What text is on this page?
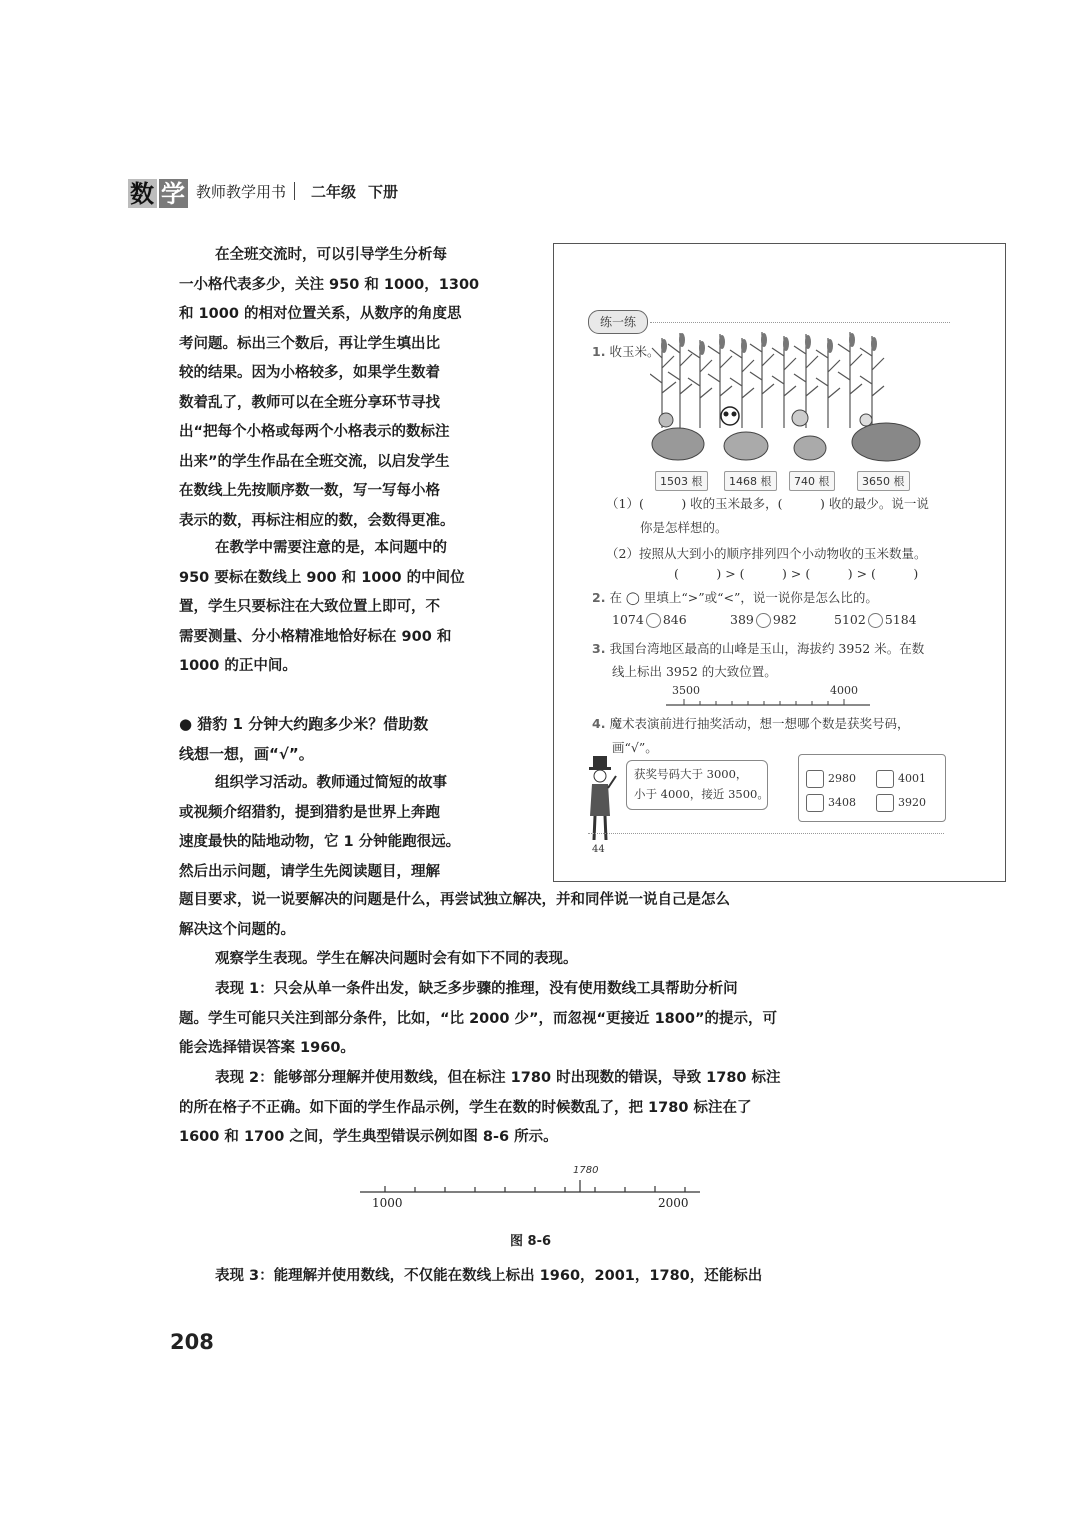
数 学 教师教学用书 二年级 下册
在全班交流时，可以引导学生分析每
一小格代表多少，关注 950 和 1000，1300
和 1000 的相对位置关系，从数序的角度思
考问题。标出三个数后，再让学生填出比
较的结果。因为小格较多，如果学生数着
数着乱了，教师可以在全班分享环节寻找
出“把每个小格或每两个小格表示的数标注
出来”的学生作品在全班交流，以启发学生
在数线上先按顺序数一数，写一写每小格
表示的数，再标注相应的数，会数得更准。
在教学中需要注意的是，本问题中的
950 要标在数线上 900 和 1000 的中间位
置，学生只要标注在大致位置上即可，不
需要测量、分小格精准地恰好标在 900 和
1000 的正中间。
● 猎豹 1 分钟大约跑多少米？借助数
线想一想，画“√”。
组织学习活动。教师通过简短的故事
或视频介绍猎豹，提到猎豹是世界上奔跑
速度最快的陆地动物，它 1 分钟能跑很远。
然后出示问题，请学生先阅读题目，理解
题目要求，说一说要解决的问题是什么，再尝试独立解决，并和同伴说一说自己是怎么
解决这个问题的。
观察学生表现。学生在解决问题时会有如下不同的表现。
表现 1：只会从单一条件出发，缺乏多步骤的推理，没有使用数线工具帮助分析问
题。学生可能只关注到部分条件，比如，“比 2000 少”，而忽视“更接近 1800”的提示，可
能会选择错误答案 1960。
表现 2：能够部分理解并使用数线，但在标注 1780 时出现数的错误，导致 1780 标注
的所在格子不正确。如下面的学生作品示例，学生在数的时候数乱了，把 1780 标注在了
1600 和 1700 之间，学生典型错误示例如图 8-6 所示。
1000	2000
1780
图 8-6
表现 3：能理解并使用数线，不仅能在数线上标出 1960，2001，1780，还能标出
208
练一练
1. 收玉米。
1503 根	1468 根	740 根	3650 根
（1）(　　　) 收的玉米最多，(　　　) 收的最少。说一说
你是怎样想的。
（2）按照从大到小的顺序排列四个小动物收的玉米数量。
(　　　) > (　　　) > (　　　) > (　　　)
2. 在 ◯ 里填上“>”或“<”，说一说你是怎么比的。
1074 846	389 982	5102 5184
3. 我国台湾地区最高的山峰是玉山，海拔约 3952 米。在数
线上标出 3952 的大致位置。
3500	4000
4. 魔术表演前进行抽奖活动，想一想哪个数是获奖号码，
画“√”。
获奖号码大于 3000，
小于 4000，接近 3500。
2980	4001
3408	3920
44
